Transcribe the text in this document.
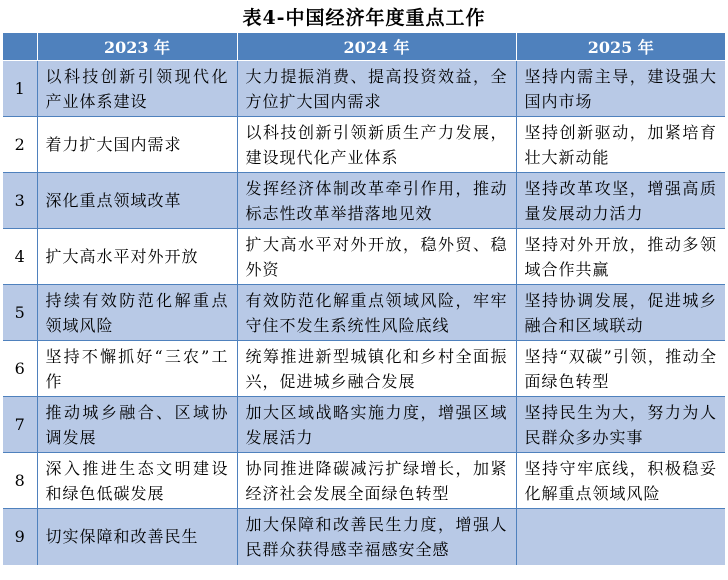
表4-中国经济年度重点工作
	2023 年	2024 年	2025 年
1	以科技创新引领现代化产业体系建设	大力提振消费、提高投资效益，全方位扩大国内需求	坚持内需主导，建设强大国内市场
2	着力扩大国内需求	以科技创新引领新质生产力发展，建设现代化产业体系	坚持创新驱动，加紧培育壮大新动能
3	深化重点领域改革	发挥经济体制改革牵引作用，推动标志性改革举措落地见效	坚持改革攻坚，增强高质量发展动力活力
4	扩大高水平对外开放	扩大高水平对外开放，稳外贸、稳外资	坚持对外开放，推动多领域合作共赢
5	持续有效防范化解重点领域风险	有效防范化解重点领域风险，牢牢守住不发生系统性风险底线	坚持协调发展，促进城乡融合和区域联动
6	坚持不懈抓好“三农”工作	统筹推进新型城镇化和乡村全面振兴，促进城乡融合发展	坚持“双碳”引领，推动全面绿色转型
7	推动城乡融合、区域协调发展	加大区域战略实施力度，增强区域发展活力	坚持民生为大，努力为人民群众多办实事
8	深入推进生态文明建设和绿色低碳发展	协同推进降碳减污扩绿增长，加紧经济社会发展全面绿色转型	坚持守牢底线，积极稳妥化解重点领域风险
9	切实保障和改善民生	加大保障和改善民生力度，增强人民群众获得感幸福感安全感	
